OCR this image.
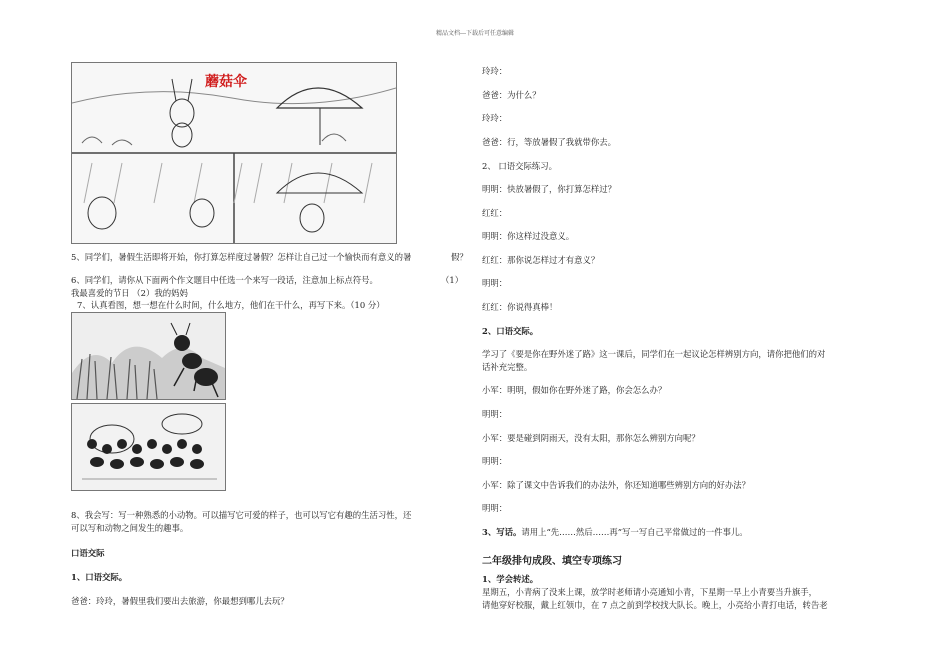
精品文档---下载后可任意编辑
蘑菇伞
5、同学们，暑假生活即将开始，你打算怎样度过暑假？怎样让自己过一个愉快而有意义的暑	假？
6、同学们，请你从下面两个作文题目中任选一个来写一段话，注意加上标点符号。	（1）
我最喜爱的节日 （2）我的妈妈
7、认真看图，想一想在什么时间，什么地方，他们在干什么，再写下来。（10 分）
8、我会写：写一种熟悉的小动物。可以描写它可爱的样子，也可以写它有趣的生活习性，还
可以写和动物之间发生的趣事。
口语交际
1、口语交际。
爸爸：玲玲，暑假里我们要出去旅游，你最想到哪儿去玩？
玲玲：
爸爸：为什么？
玲玲：
爸爸：行，等放暑假了我就带你去。
2、 口语交际练习。
明明：快放暑假了，你打算怎样过？
红红：
明明：你这样过没意义。
红红：那你说怎样过才有意义？
明明：
红红：你说得真棒！
2、口语交际。
学习了《要是你在野外迷了路》这一课后，同学们在一起议论怎样辨别方向，请你把他们的对
话补充完整。
小军：明明，假如你在野外迷了路，你会怎么办？
明明：
小军：要是碰到阴雨天，没有太阳，那你怎么辨别方向呢？
明明：
小军：除了课文中告诉我们的办法外，你还知道哪些辨别方向的好办法？
明明：
3、写话。请用上“先……然后……再”写一写自己平常做过的一件事儿。
二年级排句成段、填空专项练习
1、学会转述。
星期五，小青病了没来上课，放学时老师请小亮通知小青，下星期一早上小青要当升旗手，
请他穿好校服，戴上红领巾，在 7 点之前到学校找大队长。晚上，小亮给小青打电话，转告老
